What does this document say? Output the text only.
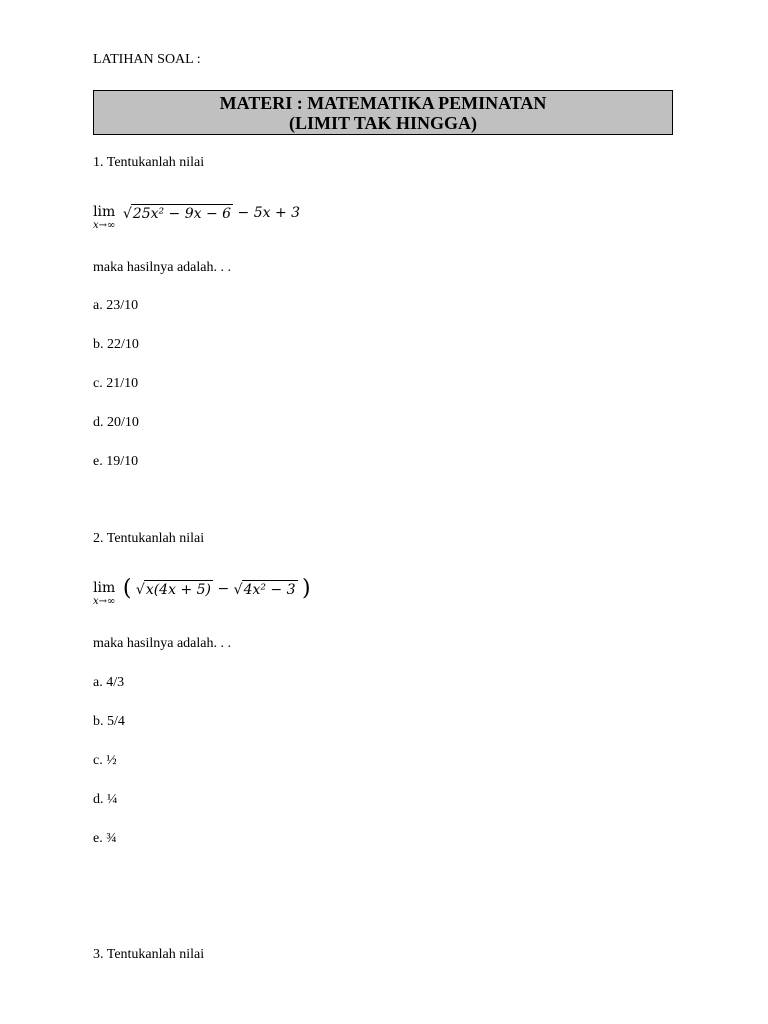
LATIHAN SOAL :
MATERI : MATEMATIKA PEMINATAN
(LIMIT TAK HINGGA)
1. Tentukanlah nilai
lim
x→∞
√25x² − 9x − 6 − 5x + 3
maka hasilnya adalah. . .
a. 23/10
b. 22/10
c. 21/10
d. 20/10
e. 19/10
2. Tentukanlah nilai
lim
x→∞
( √x(4x + 5) − √4x² − 3 )
maka hasilnya adalah. . .
a. 4/3
b. 5/4
c. ½
d. ¼
e. ¾
3. Tentukanlah nilai
